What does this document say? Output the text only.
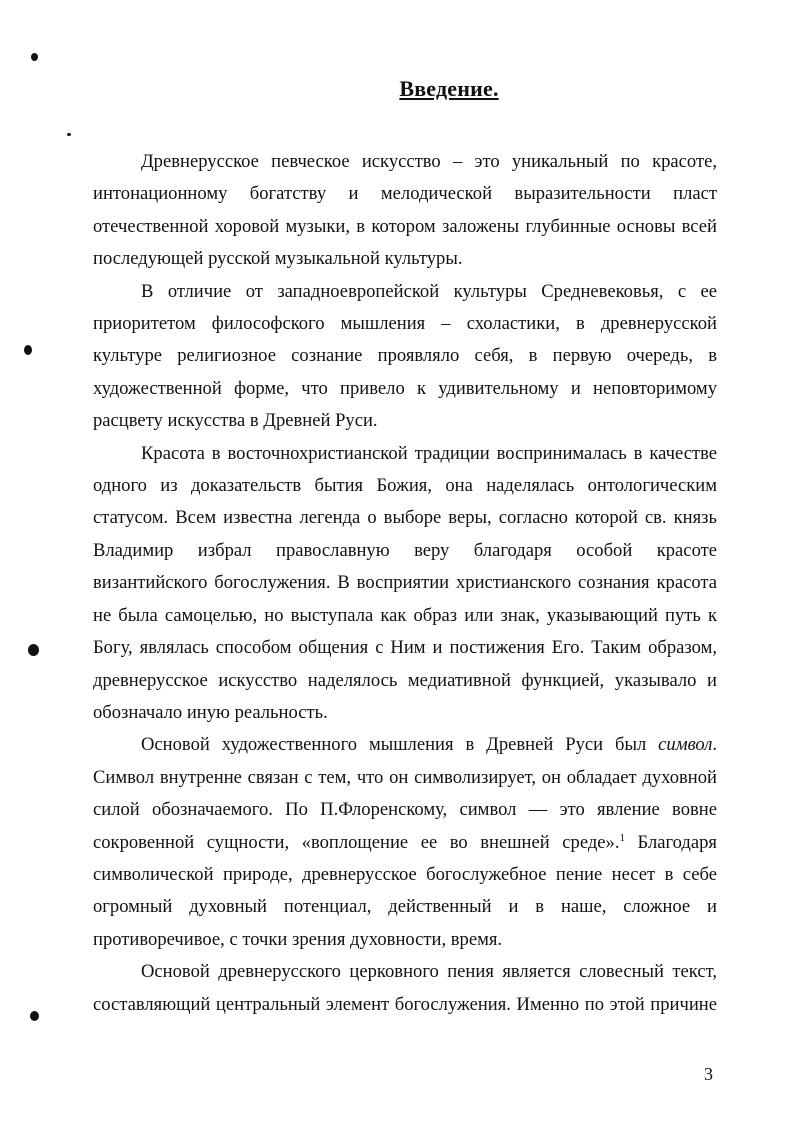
Введение.
Древнерусское певческое искусство – это уникальный по красоте,
интонационному богатству и мелодической выразительности пласт
отечественной хоровой музыки, в котором заложены глубинные основы всей
последующей русской музыкальной культуры.
В отличие от западноевропейской культуры Средневековья, с ее
приоритетом философского мышления – схоластики, в древнерусской
культуре религиозное сознание проявляло себя, в первую очередь, в
художественной форме, что привело к удивительному и неповторимому
расцвету искусства в Древней Руси.
Красота в восточнохристианской традиции воспринималась в качестве
одного из доказательств бытия Божия, она наделялась онтологическим
статусом. Всем известна легенда о выборе веры, согласно которой св. князь
Владимир избрал православную веру благодаря особой красоте
византийского богослужения. В восприятии христианского сознания красота
не была самоцелью, но выступала как образ или знак, указывающий путь к
Богу, являлась способом общения с Ним и постижения Его. Таким образом,
древнерусское искусство наделялось медиативной функцией, указывало и
обозначало иную реальность.
Основой художественного мышления в Древней Руси был символ.
Символ внутренне связан с тем, что он символизирует, он обладает духовной
силой обозначаемого. По П.Флоренскому, символ — это явление вовне
сокровенной сущности, «воплощение ее во внешней среде».$^1$ Благодаря
символической природе, древнерусское богослужебное пение несет в себе
огромный духовный потенциал, действенный и в наше, сложное и
противоречивое, с точки зрения духовности, время.
Основой древнерусского церковного пения является словесный текст,
составляющий центральный элемент богослужения. Именно по этой причине
3
